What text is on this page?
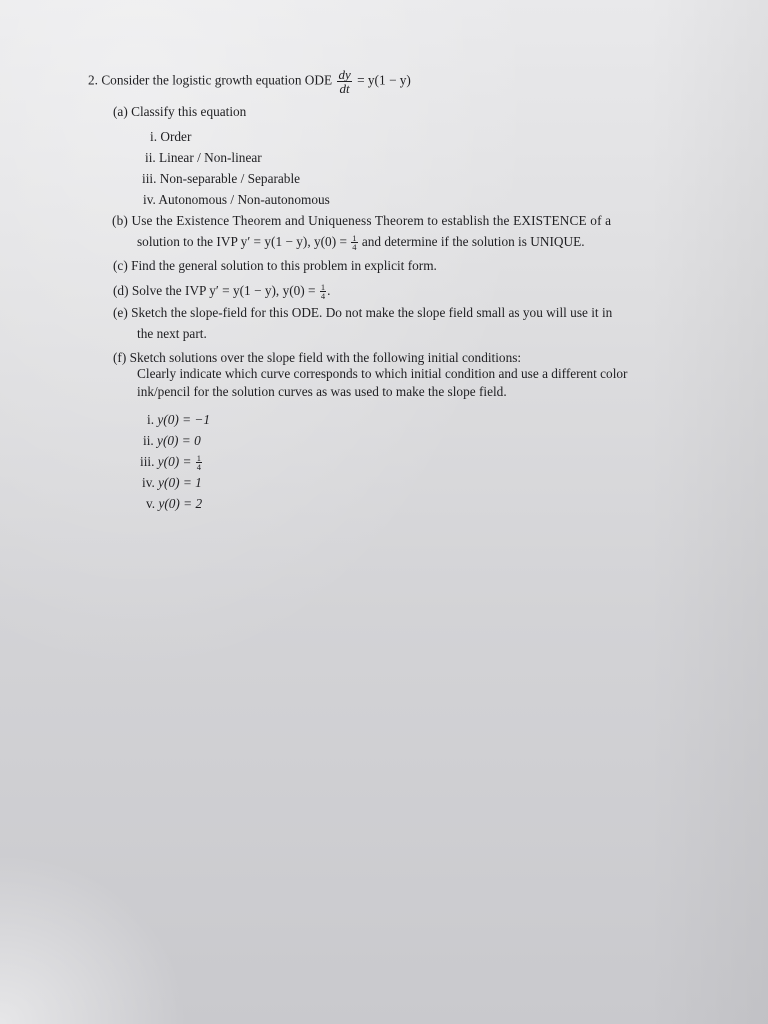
2. Consider the logistic growth equation ODE $\frac{dy}{dt} = y(1 - y)$
(a) Classify this equation
i. Order
ii. Linear / Non-linear
iii. Non-separable / Separable
iv. Autonomous / Non-autonomous
(b) Use the Existence Theorem and Uniqueness Theorem to establish the EXISTENCE of a
solution to the IVP y′ = y(1 − y), $y(0) = \frac{1}{4}$ and determine if the solution is UNIQUE.
(c) Find the general solution to this problem in explicit form.
(d) Solve the IVP y′ = y(1 − y), $y(0) = \frac{1}{4}$ .
(e) Sketch the slope-field for this ODE. Do not make the slope field small as you will use it in
the next part.
(f) Sketch solutions over the slope field with the following initial conditions:
Clearly indicate which curve corresponds to which initial condition and use a different color
ink/pencil for the solution curves as was used to make the slope field.
i. y(0) = −1
ii. y(0) = 0
iii. $y(0) = \frac{1}{4}$
iv. y(0) = 1
v. y(0) = 2
